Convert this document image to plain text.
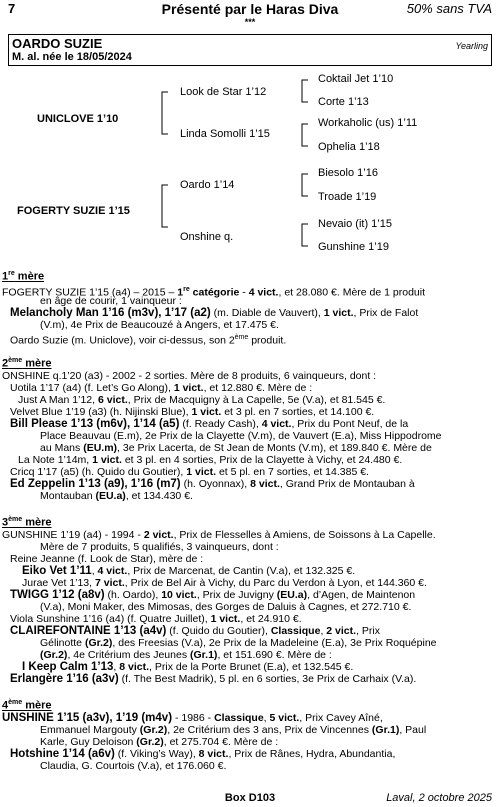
7	Présenté par le Haras Diva
***
50% sans TVA
OARDO SUZIE
M. al. née le 18/05/2024
Yearling
UNICLOVE 1’10
Look de Star 1’12
Linda Somolli 1’15
Coktail Jet 1’10
Corte 1’13
Workaholic (us) 1’11
Ophelia 1’18
FOGERTY SUZIE 1’15
Oardo 1’14
Onshine q.
Biesolo 1’16
Troade 1’19
Nevaio (it) 1’15
Gunshine 1’19
1re mère
FOGERTY SUZIE 1’15 (a4) – 2015 – 1re catégorie - 4 vict., et 28.080 €. Mère de 1 produit
en âge de courir, 1 vainqueur :
Melancholy Man 1’16 (m3v), 1’17 (a2) (m. Diable de Vauvert), 1 vict., Prix de Falot
(V.m), 4e Prix de Beaucouzé à Angers, et 17.475 €.
Oardo Suzie (m. Uniclove), voir ci-dessus, son 2ème produit.
2ème mère
ONSHINE q.1’20 (a3) - 2002 - 2 sorties. Mère de 8 produits, 6 vainqueurs, dont :
Uotila 1’17 (a4) (f. Let’s Go Along), 1 vict., et 12.880 €. Mère de :
Just A Man 1’12, 6 vict., Prix de Macquigny à La Capelle, 5e (V.a), et 81.545 €.
Velvet Blue 1’19 (a3) (h. Nijinski Blue), 1 vict. et 3 pl. en 7 sorties, et 14.100 €.
Bill Please 1’13 (m6v), 1’14 (a5) (f. Ready Cash), 4 vict., Prix du Pont Neuf, de la
Place Beauvau (E.m), 2e Prix de la Clayette (V.m), de Vauvert (E.a), Miss Hippodrome
au Mans (EU.m), 3e Prix Lacerta, de St Jean de Monts (V.m), et 189.840 €. Mère de
La Note 1’14m, 1 vict. et 3 pl. en 4 sorties, Prix de la Clayette à Vichy, et 24.480 €.
Cricq 1’17 (a5) (h. Quido du Goutier), 1 vict. et 5 pl. en 7 sorties, et 14.385 €.
Ed Zeppelin 1’13 (a9), 1’16 (m7) (h. Oyonnax), 8 vict., Grand Prix de Montauban à
Montauban (EU.a), et 134.430 €.
3ème mère
GUNSHINE 1’19 (a4) - 1994 - 2 vict., Prix de Flesselles à Amiens, de Soissons à La Capelle.
Mère de 7 produits, 5 qualifiés, 3 vainqueurs, dont :
Reine Jeanne (f. Look de Star), mère de :
Eiko Vet 1’11, 4 vict., Prix de Marcenat, de Cantin (V.a), et 132.325 €.
Jurae Vet 1’13, 7 vict., Prix de Bel Air à Vichy, du Parc du Verdon à Lyon, et 144.360 €.
TWIGG 1’12 (a8v) (h. Oardo), 10 vict., Prix de Juvigny (EU.a), d’Agen, de Maintenon
(V.a), Moni Maker, des Mimosas, des Gorges de Daluis à Cagnes, et 272.710 €.
Viola Sunshine 1’16 (a4) (f. Quatre Juillet), 1 vict., et 24.910 €.
CLAIREFONTAINE 1’13 (a4v) (f. Quido du Goutier), Classique, 2 vict., Prix
Gélinotte (Gr.2), des Freesias (V.a), 2e Prix de la Madeleine (E.a), 3e Prix Roquépine
(Gr.2), 4e Critérium des Jeunes (Gr.1), et 151.690 €. Mère de :
I Keep Calm 1’13, 8 vict., Prix de la Porte Brunet (E.a), et 132.545 €.
Erlangère 1’16 (a3v) (f. The Best Madrik), 5 pl. en 6 sorties, 3e Prix de Carhaix (V.a).
4ème mère
UNSHINE 1’15 (a3v), 1’19 (m4v) - 1986 - Classique, 5 vict., Prix Cavey Aîné,
Emmanuel Margouty (Gr.2), 2e Critérium des 3 ans, Prix de Vincennes (Gr.1), Paul
Karle, Guy Deloison (Gr.2), et 275.704 €. Mère de :
Hotshine 1’14 (a6v) (f. Viking’s Way), 8 vict., Prix de Rânes, Hydra, Abundantia,
Claudia, G. Courtois (V.a), et 176.060 €.
Box D103	Laval, 2 octobre 2025
